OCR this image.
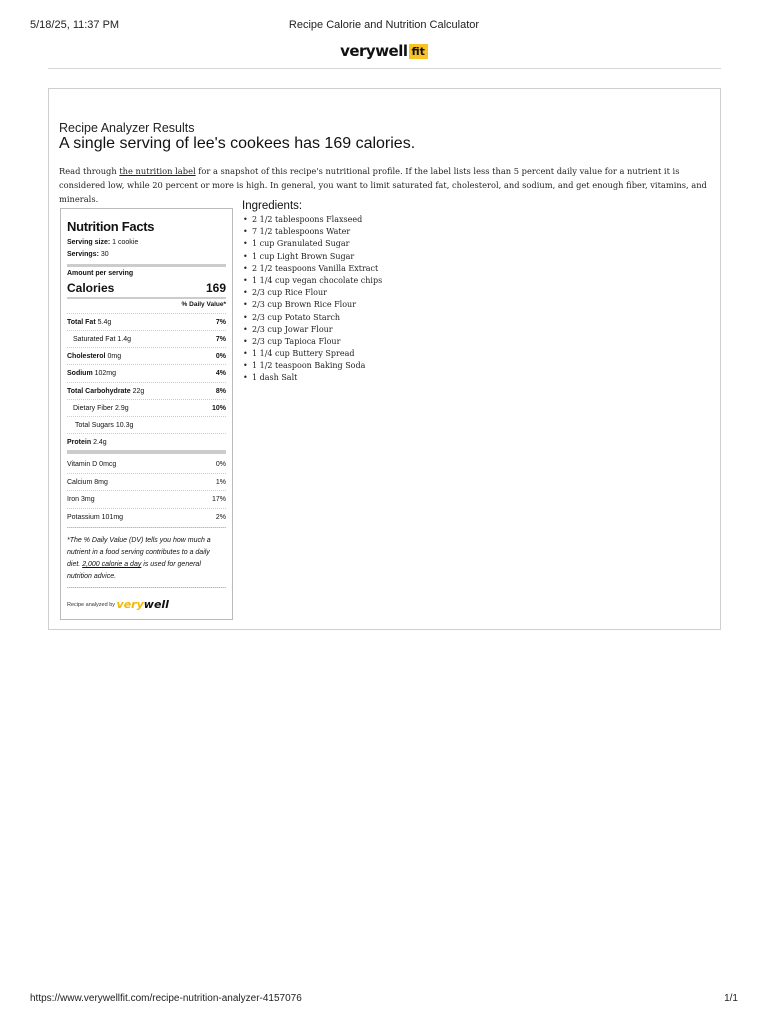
5/18/25, 11:37 PM	Recipe Calorie and Nutrition Calculator
verywell fit
Recipe Analyzer Results
A single serving of lee's cookees has 169 calories.

Read through the nutrition label for a snapshot of this recipe's nutritional profile. If the label lists less than 5 percent daily value for a nutrient it is considered low, while 20 percent or more is high. In general, you want to limit saturated fat, cholesterol, and sodium, and get enough fiber, vitamins, and minerals.

Nutrition Facts
Serving size: 1 cookie
Servings: 30
Amount per serving
Calories	169
% Daily Value*
Total Fat 5.4g	7%
Saturated Fat 1.4g	7%
Cholesterol 0mg	0%
Sodium 102mg	4%
Total Carbohydrate 22g	8%
Dietary Fiber 2.9g	10%
Total Sugars 10.3g
Protein 2.4g
Vitamin D 0mcg	0%
Calcium 8mg	1%
Iron 3mg	17%
Potassium 101mg	2%
*The % Daily Value (DV) tells you how much a nutrient in a food serving contributes to a daily diet. 2,000 calorie a day is used for general nutrition advice.
Recipe analyzed by verywell
Ingredients:
• 2 1/2 tablespoons Flaxseed
• 7 1/2 tablespoons Water
• 1 cup Granulated Sugar
• 1 cup Light Brown Sugar
• 2 1/2 teaspoons Vanilla Extract
• 1 1/4 cup vegan chocolate chips
• 2/3 cup Rice Flour
• 2/3 cup Brown Rice Flour
• 2/3 cup Potato Starch
• 2/3 cup Jowar Flour
• 2/3 cup Tapioca Flour
• 1 1/4 cup Buttery Spread
• 1 1/2 teaspoon Baking Soda
• 1 dash Salt
https://www.verywellfit.com/recipe-nutrition-analyzer-4157076	1/1
